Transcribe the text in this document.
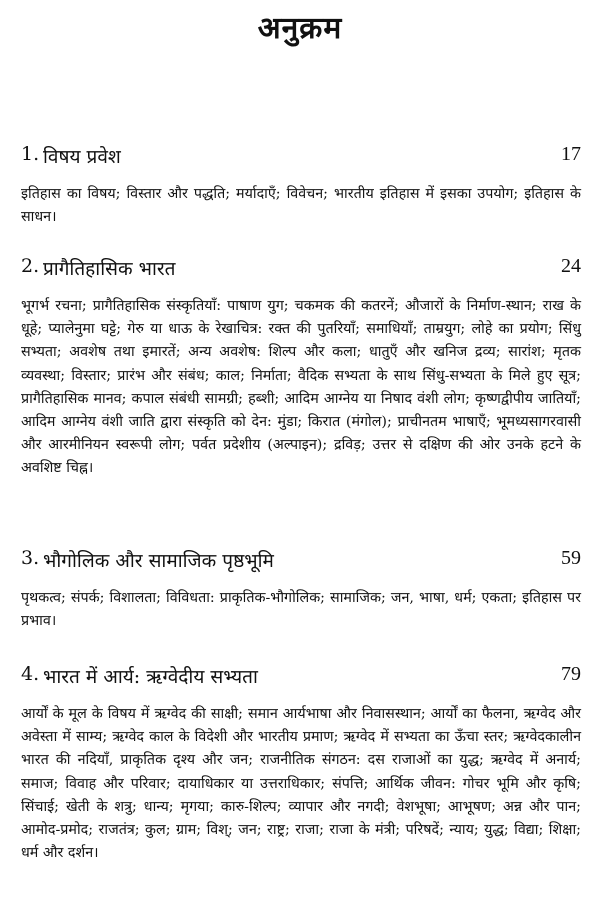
अनुक्रम
1. विषय प्रवेश	17
इतिहास का विषय; विस्तार और पद्धति; मर्यादाएँ; विवेचन; भारतीय इतिहास में इसका उपयोग; इतिहास के साधन।
2. प्रागैतिहासिक भारत	24
भूगर्भ रचना; प्रागैतिहासिक संस्कृतियाँ: पाषाण युग; चकमक की कतरनें; औजारों के निर्माण-स्थान; राख के धूहे; प्यालेनुमा घट्टे; गेरु या धाऊ के रेखाचित्र: रक्त की पुतरियाँ; समाधियाँ; ताम्रयुग; लोहे का प्रयोग; सिंधु सभ्यता; अवशेष तथा इमारतें; अन्य अवशेष: शिल्प और कला; धातुएँ और खनिज द्रव्य; सारांश; मृतक व्यवस्था; विस्तार; प्रारंभ और संबंध; काल; निर्माता; वैदिक सभ्यता के साथ सिंधु-सभ्यता के मिले हुए सूत्र; प्रागैतिहासिक मानव; कपाल संबंधी सामग्री; हब्शी; आदिम आग्नेय या निषाद वंशी लोग; कृष्णद्वीपीय जातियाँ; आदिम आग्नेय वंशी जाति द्वारा संस्कृति को देन: मुंडा; किरात (मंगोल); प्राचीनतम भाषाएँ; भूमध्यसागरवासी और आरमीनियन स्वरूपी लोग; पर्वत प्रदेशीय (अल्पाइन); द्रविड़; उत्तर से दक्षिण की ओर उनके हटने के अवशिष्ट चिह्न।
3. भौगोलिक और सामाजिक पृष्ठभूमि	59
पृथकत्व; संपर्क; विशालता; विविधता: प्राकृतिक-भौगोलिक; सामाजिक; जन, भाषा, धर्म; एकता; इतिहास पर प्रभाव।
4. भारत में आर्य: ऋग्वेदीय सभ्यता	79
आर्यों के मूल के विषय में ऋग्वेद की साक्षी; समान आर्यभाषा और निवासस्थान; आर्यों का फैलना, ऋग्वेद और अवेस्ता में साम्य; ऋग्वेद काल के विदेशी और भारतीय प्रमाण; ऋग्वेद में सभ्यता का ऊँचा स्तर; ऋग्वेदकालीन भारत की नदियाँ, प्राकृतिक दृश्य और जन; राजनीतिक संगठन: दस राजाओं का युद्ध; ऋग्वेद में अनार्य; समाज; विवाह और परिवार; दायाधिकार या उत्तराधिकार; संपत्ति; आर्थिक जीवन: गोचर भूमि और कृषि; सिंचाई; खेती के शत्रु; धान्य; मृगया; कारु-शिल्प; व्यापार और नगदी; वेशभूषा; आभूषण; अन्न और पान; आमोद-प्रमोद; राजतंत्र; कुल; ग्राम; विश्; जन; राष्ट्र; राजा; राजा के मंत्री; परिषदें; न्याय; युद्ध; विद्या; शिक्षा; धर्म और दर्शन।
